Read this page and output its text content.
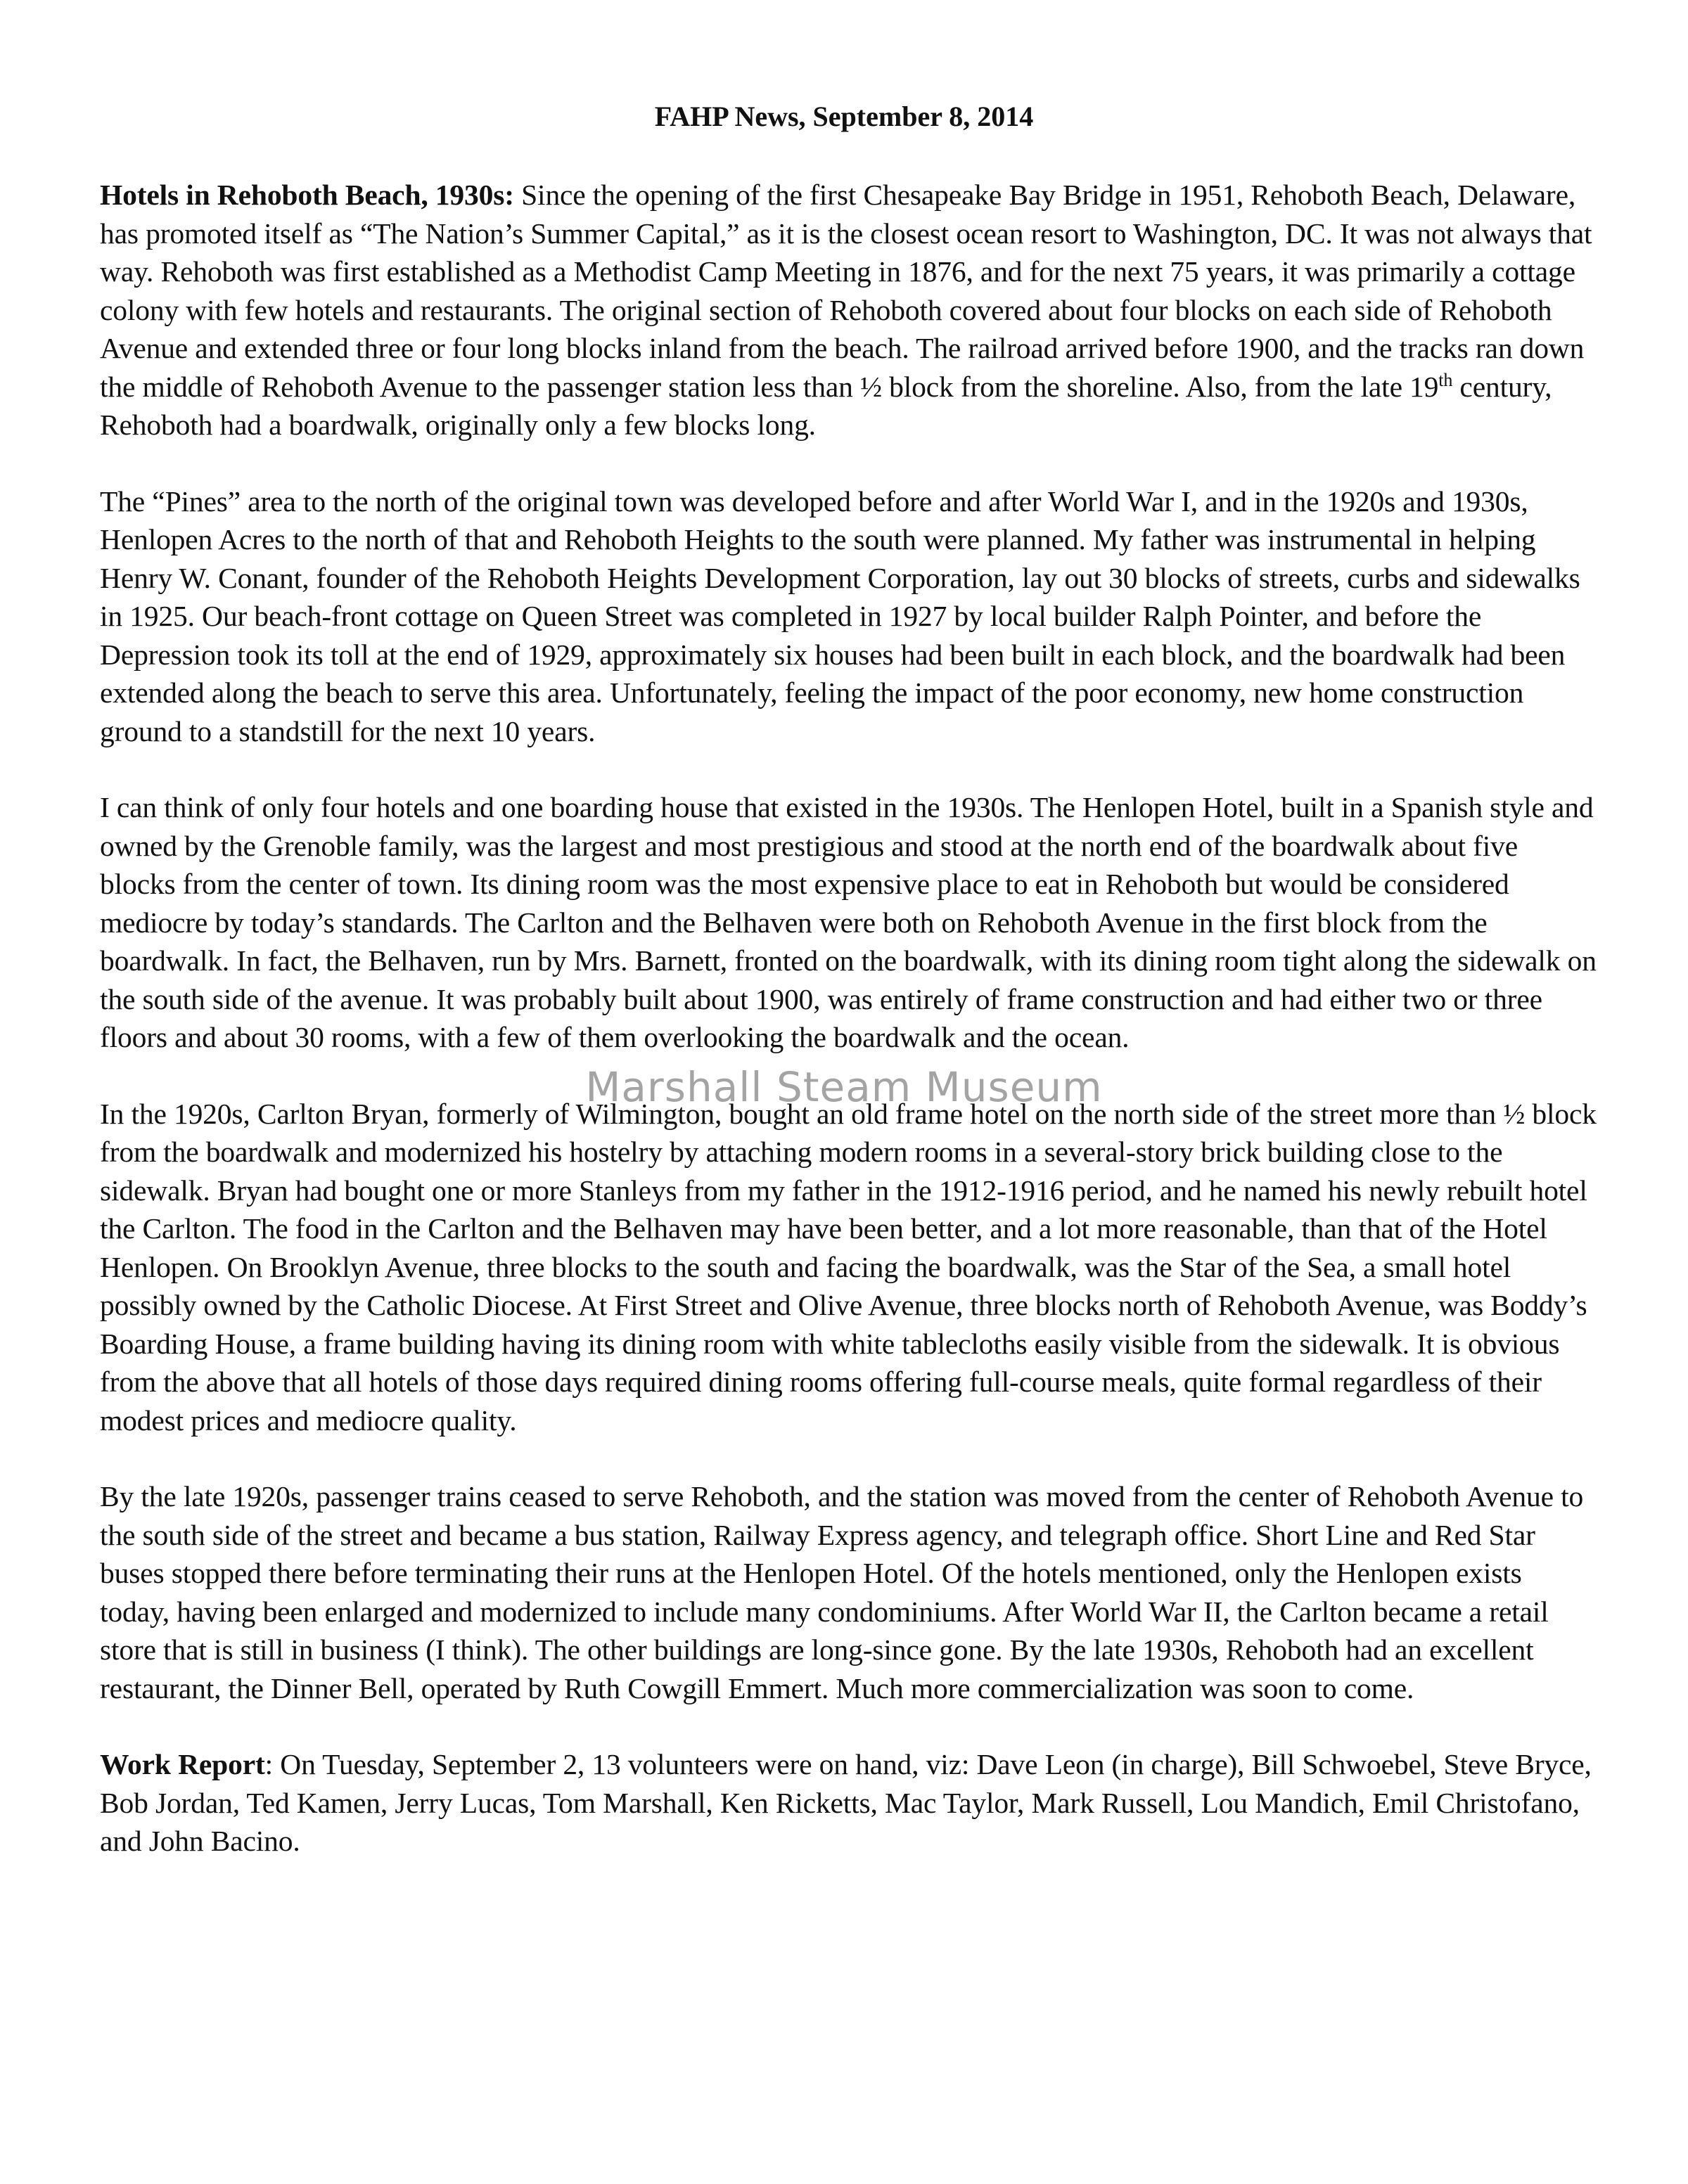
FAHP News, September 8, 2014

Hotels in Rehoboth Beach, 1930s: Since the opening of the first Chesapeake Bay Bridge in 1951, Rehoboth Beach, Delaware, has promoted itself as “The Nation’s Summer Capital,” as it is the closest ocean resort to Washington, DC. It was not always that way. Rehoboth was first established as a Methodist Camp Meeting in 1876, and for the next 75 years, it was primarily a cottage colony with few hotels and restaurants. The original section of Rehoboth covered about four blocks on each side of Rehoboth Avenue and extended three or four long blocks inland from the beach. The railroad arrived before 1900, and the tracks ran down the middle of Rehoboth Avenue to the passenger station less than ½ block from the shoreline. Also, from the late 19th century, Rehoboth had a boardwalk, originally only a few blocks long.

The “Pines” area to the north of the original town was developed before and after World War I, and in the 1920s and 1930s, Henlopen Acres to the north of that and Rehoboth Heights to the south were planned. My father was instrumental in helping Henry W. Conant, founder of the Rehoboth Heights Development Corporation, lay out 30 blocks of streets, curbs and sidewalks in 1925. Our beach-front cottage on Queen Street was completed in 1927 by local builder Ralph Pointer, and before the Depression took its toll at the end of 1929, approximately six houses had been built in each block, and the boardwalk had been extended along the beach to serve this area. Unfortunately, feeling the impact of the poor economy, new home construction ground to a standstill for the next 10 years.

I can think of only four hotels and one boarding house that existed in the 1930s. The Henlopen Hotel, built in a Spanish style and owned by the Grenoble family, was the largest and most prestigious and stood at the north end of the boardwalk about five blocks from the center of town. Its dining room was the most expensive place to eat in Rehoboth but would be considered mediocre by today’s standards. The Carlton and the Belhaven were both on Rehoboth Avenue in the first block from the boardwalk. In fact, the Belhaven, run by Mrs. Barnett, fronted on the boardwalk, with its dining room tight along the sidewalk on the south side of the avenue. It was probably built about 1900, was entirely of frame construction and had either two or three floors and about 30 rooms, with a few of them overlooking the boardwalk and the ocean.

In the 1920s, Carlton Bryan, formerly of Wilmington, bought an old frame hotel on the north side of the street more than ½ block from the boardwalk and modernized his hostelry by attaching modern rooms in a several-story brick building close to the sidewalk. Bryan had bought one or more Stanleys from my father in the 1912-1916 period, and he named his newly rebuilt hotel the Carlton. The food in the Carlton and the Belhaven may have been better, and a lot more reasonable, than that of the Hotel Henlopen. On Brooklyn Avenue, three blocks to the south and facing the boardwalk, was the Star of the Sea, a small hotel possibly owned by the Catholic Diocese. At First Street and Olive Avenue, three blocks north of Rehoboth Avenue, was Boddy’s Boarding House, a frame building having its dining room with white tablecloths easily visible from the sidewalk. It is obvious from the above that all hotels of those days required dining rooms offering full-course meals, quite formal regardless of their modest prices and mediocre quality.

By the late 1920s, passenger trains ceased to serve Rehoboth, and the station was moved from the center of Rehoboth Avenue to the south side of the street and became a bus station, Railway Express agency, and telegraph office. Short Line and Red Star buses stopped there before terminating their runs at the Henlopen Hotel. Of the hotels mentioned, only the Henlopen exists today, having been enlarged and modernized to include many condominiums. After World War II, the Carlton became a retail store that is still in business (I think). The other buildings are long-since gone. By the late 1930s, Rehoboth had an excellent restaurant, the Dinner Bell, operated by Ruth Cowgill Emmert. Much more commercialization was soon to come.

Work Report: On Tuesday, September 2, 13 volunteers were on hand, viz: Dave Leon (in charge), Bill Schwoebel, Steve Bryce, Bob Jordan, Ted Kamen, Jerry Lucas, Tom Marshall, Ken Ricketts, Mac Taylor, Mark Russell, Lou Mandich, Emil Christofano, and John Bacino.

Marshall Steam Museum
